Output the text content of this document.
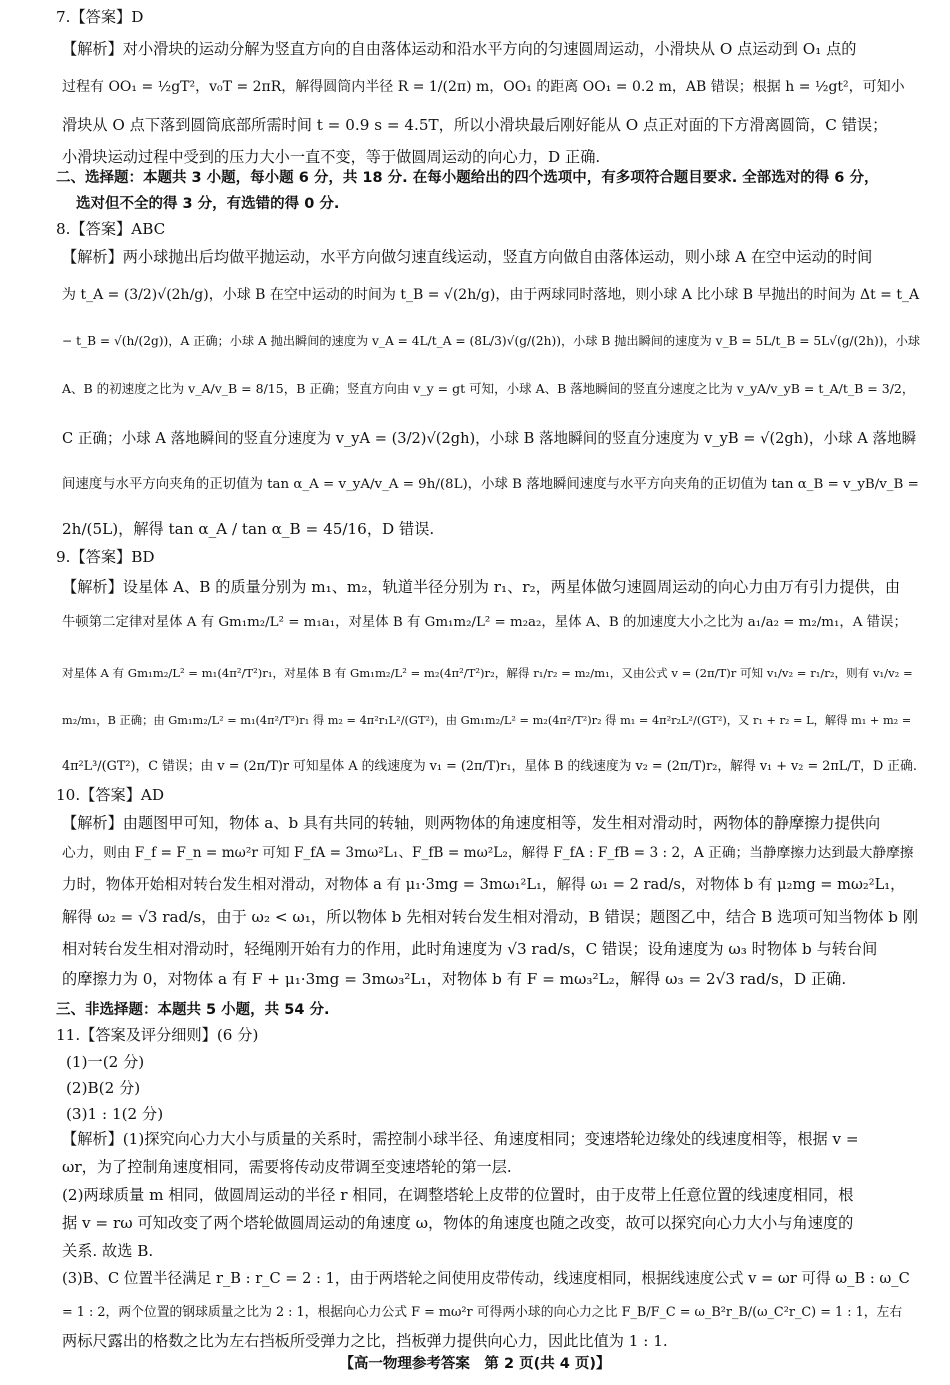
7.【答案】D
【解析】对小滑块的运动分解为竖直方向的自由落体运动和沿水平方向的匀速圆周运动，小滑块从 O 点运动到 O₁ 点的
过程有 OO₁ = ½gT²，v₀T = 2πR，解得圆筒内半径 R = 1/(2π) m，OO₁ 的距离 OO₁ = 0.2 m，AB 错误；根据 h = ½gt²，可知小
滑块从 O 点下落到圆筒底部所需时间 t = 0.9 s = 4.5T，所以小滑块最后刚好能从 O 点正对面的下方滑离圆筒，C 错误；
小滑块运动过程中受到的压力大小一直不变，等于做圆周运动的向心力，D 正确.
二、选择题：本题共 3 小题，每小题 6 分，共 18 分. 在每小题给出的四个选项中，有多项符合题目要求. 全部选对的得 6 分，
选对但不全的得 3 分，有选错的得 0 分.
8.【答案】ABC
【解析】两小球抛出后均做平抛运动，水平方向做匀速直线运动，竖直方向做自由落体运动，则小球 A 在空中运动的时间
为 t_A = (3/2)√(2h/g)，小球 B 在空中运动的时间为 t_B = √(2h/g)，由于两球同时落地，则小球 A 比小球 B 早抛出的时间为 Δt = t_A
− t_B = √(h/(2g))，A 正确；小球 A 抛出瞬间的速度为 v_A = 4L/t_A = (8L/3)√(g/(2h))，小球 B 抛出瞬间的速度为 v_B = 5L/t_B = 5L√(g/(2h))，小球
A、B 的初速度之比为 v_A/v_B = 8/15，B 正确；竖直方向由 v_y = gt 可知，小球 A、B 落地瞬间的竖直分速度之比为 v_yA/v_yB = t_A/t_B = 3/2，
C 正确；小球 A 落地瞬间的竖直分速度为 v_yA = (3/2)√(2gh)，小球 B 落地瞬间的竖直分速度为 v_yB = √(2gh)，小球 A 落地瞬
间速度与水平方向夹角的正切值为 tan α_A = v_yA/v_A = 9h/(8L)，小球 B 落地瞬间速度与水平方向夹角的正切值为 tan α_B = v_yB/v_B =
2h/(5L)，解得 tan α_A / tan α_B = 45/16，D 错误.
9.【答案】BD
【解析】设星体 A、B 的质量分别为 m₁、m₂，轨道半径分别为 r₁、r₂，两星体做匀速圆周运动的向心力由万有引力提供，由
牛顿第二定律对星体 A 有 Gm₁m₂/L² = m₁a₁，对星体 B 有 Gm₁m₂/L² = m₂a₂，星体 A、B 的加速度大小之比为 a₁/a₂ = m₂/m₁，A 错误；
对星体 A 有 Gm₁m₂/L² = m₁(4π²/T²)r₁，对星体 B 有 Gm₁m₂/L² = m₂(4π²/T²)r₂，解得 r₁/r₂ = m₂/m₁，又由公式 v = (2π/T)r 可知 v₁/v₂ = r₁/r₂，则有 v₁/v₂ =
m₂/m₁，B 正确；由 Gm₁m₂/L² = m₁(4π²/T²)r₁ 得 m₂ = 4π²r₁L²/(GT²)，由 Gm₁m₂/L² = m₂(4π²/T²)r₂ 得 m₁ = 4π²r₂L²/(GT²)，又 r₁ + r₂ = L，解得 m₁ + m₂ =
4π²L³/(GT²)，C 错误；由 v = (2π/T)r 可知星体 A 的线速度为 v₁ = (2π/T)r₁，星体 B 的线速度为 v₂ = (2π/T)r₂，解得 v₁ + v₂ = 2πL/T，D 正确.
10.【答案】AD
【解析】由题图甲可知，物体 a、b 具有共同的转轴，则两物体的角速度相等，发生相对滑动时，两物体的静摩擦力提供向
心力，则由 F_f = F_n = mω²r 可知 F_fA = 3mω²L₁、F_fB = mω²L₂，解得 F_fA : F_fB = 3 : 2，A 正确；当静摩擦力达到最大静摩擦
力时，物体开始相对转台发生相对滑动，对物体 a 有 μ₁·3mg = 3mω₁²L₁，解得 ω₁ = 2 rad/s，对物体 b 有 μ₂mg = mω₂²L₁，
解得 ω₂ = √3 rad/s，由于 ω₂ < ω₁，所以物体 b 先相对转台发生相对滑动，B 错误；题图乙中，结合 B 选项可知当物体 b 刚
相对转台发生相对滑动时，轻绳刚开始有力的作用，此时角速度为 √3 rad/s，C 错误；设角速度为 ω₃ 时物体 b 与转台间
的摩擦力为 0，对物体 a 有 F + μ₁·3mg = 3mω₃²L₁，对物体 b 有 F = mω₃²L₂，解得 ω₃ = 2√3 rad/s，D 正确.
三、非选择题：本题共 5 小题，共 54 分.
11.【答案及评分细则】(6 分)
(1)一(2 分)
(2)B(2 分)
(3)1 : 1(2 分)
【解析】(1)探究向心力大小与质量的关系时，需控制小球半径、角速度相同；变速塔轮边缘处的线速度相等，根据 v =
ωr，为了控制角速度相同，需要将传动皮带调至变速塔轮的第一层.
(2)两球质量 m 相同，做圆周运动的半径 r 相同，在调整塔轮上皮带的位置时，由于皮带上任意位置的线速度相同，根
据 v = rω 可知改变了两个塔轮做圆周运动的角速度 ω，物体的角速度也随之改变，故可以探究向心力大小与角速度的
关系. 故选 B.
(3)B、C 位置半径满足 r_B : r_C = 2 : 1，由于两塔轮之间使用皮带传动，线速度相同，根据线速度公式 v = ωr 可得 ω_B : ω_C
= 1 : 2，两个位置的钢球质量之比为 2 : 1，根据向心力公式 F = mω²r 可得两小球的向心力之比 F_B/F_C = ω_B²r_B/(ω_C²r_C) = 1 : 1，左右
两标尺露出的格数之比为左右挡板所受弹力之比，挡板弹力提供向心力，因此比值为 1 : 1.
【高一物理参考答案　第 2 页(共 4 页)】
